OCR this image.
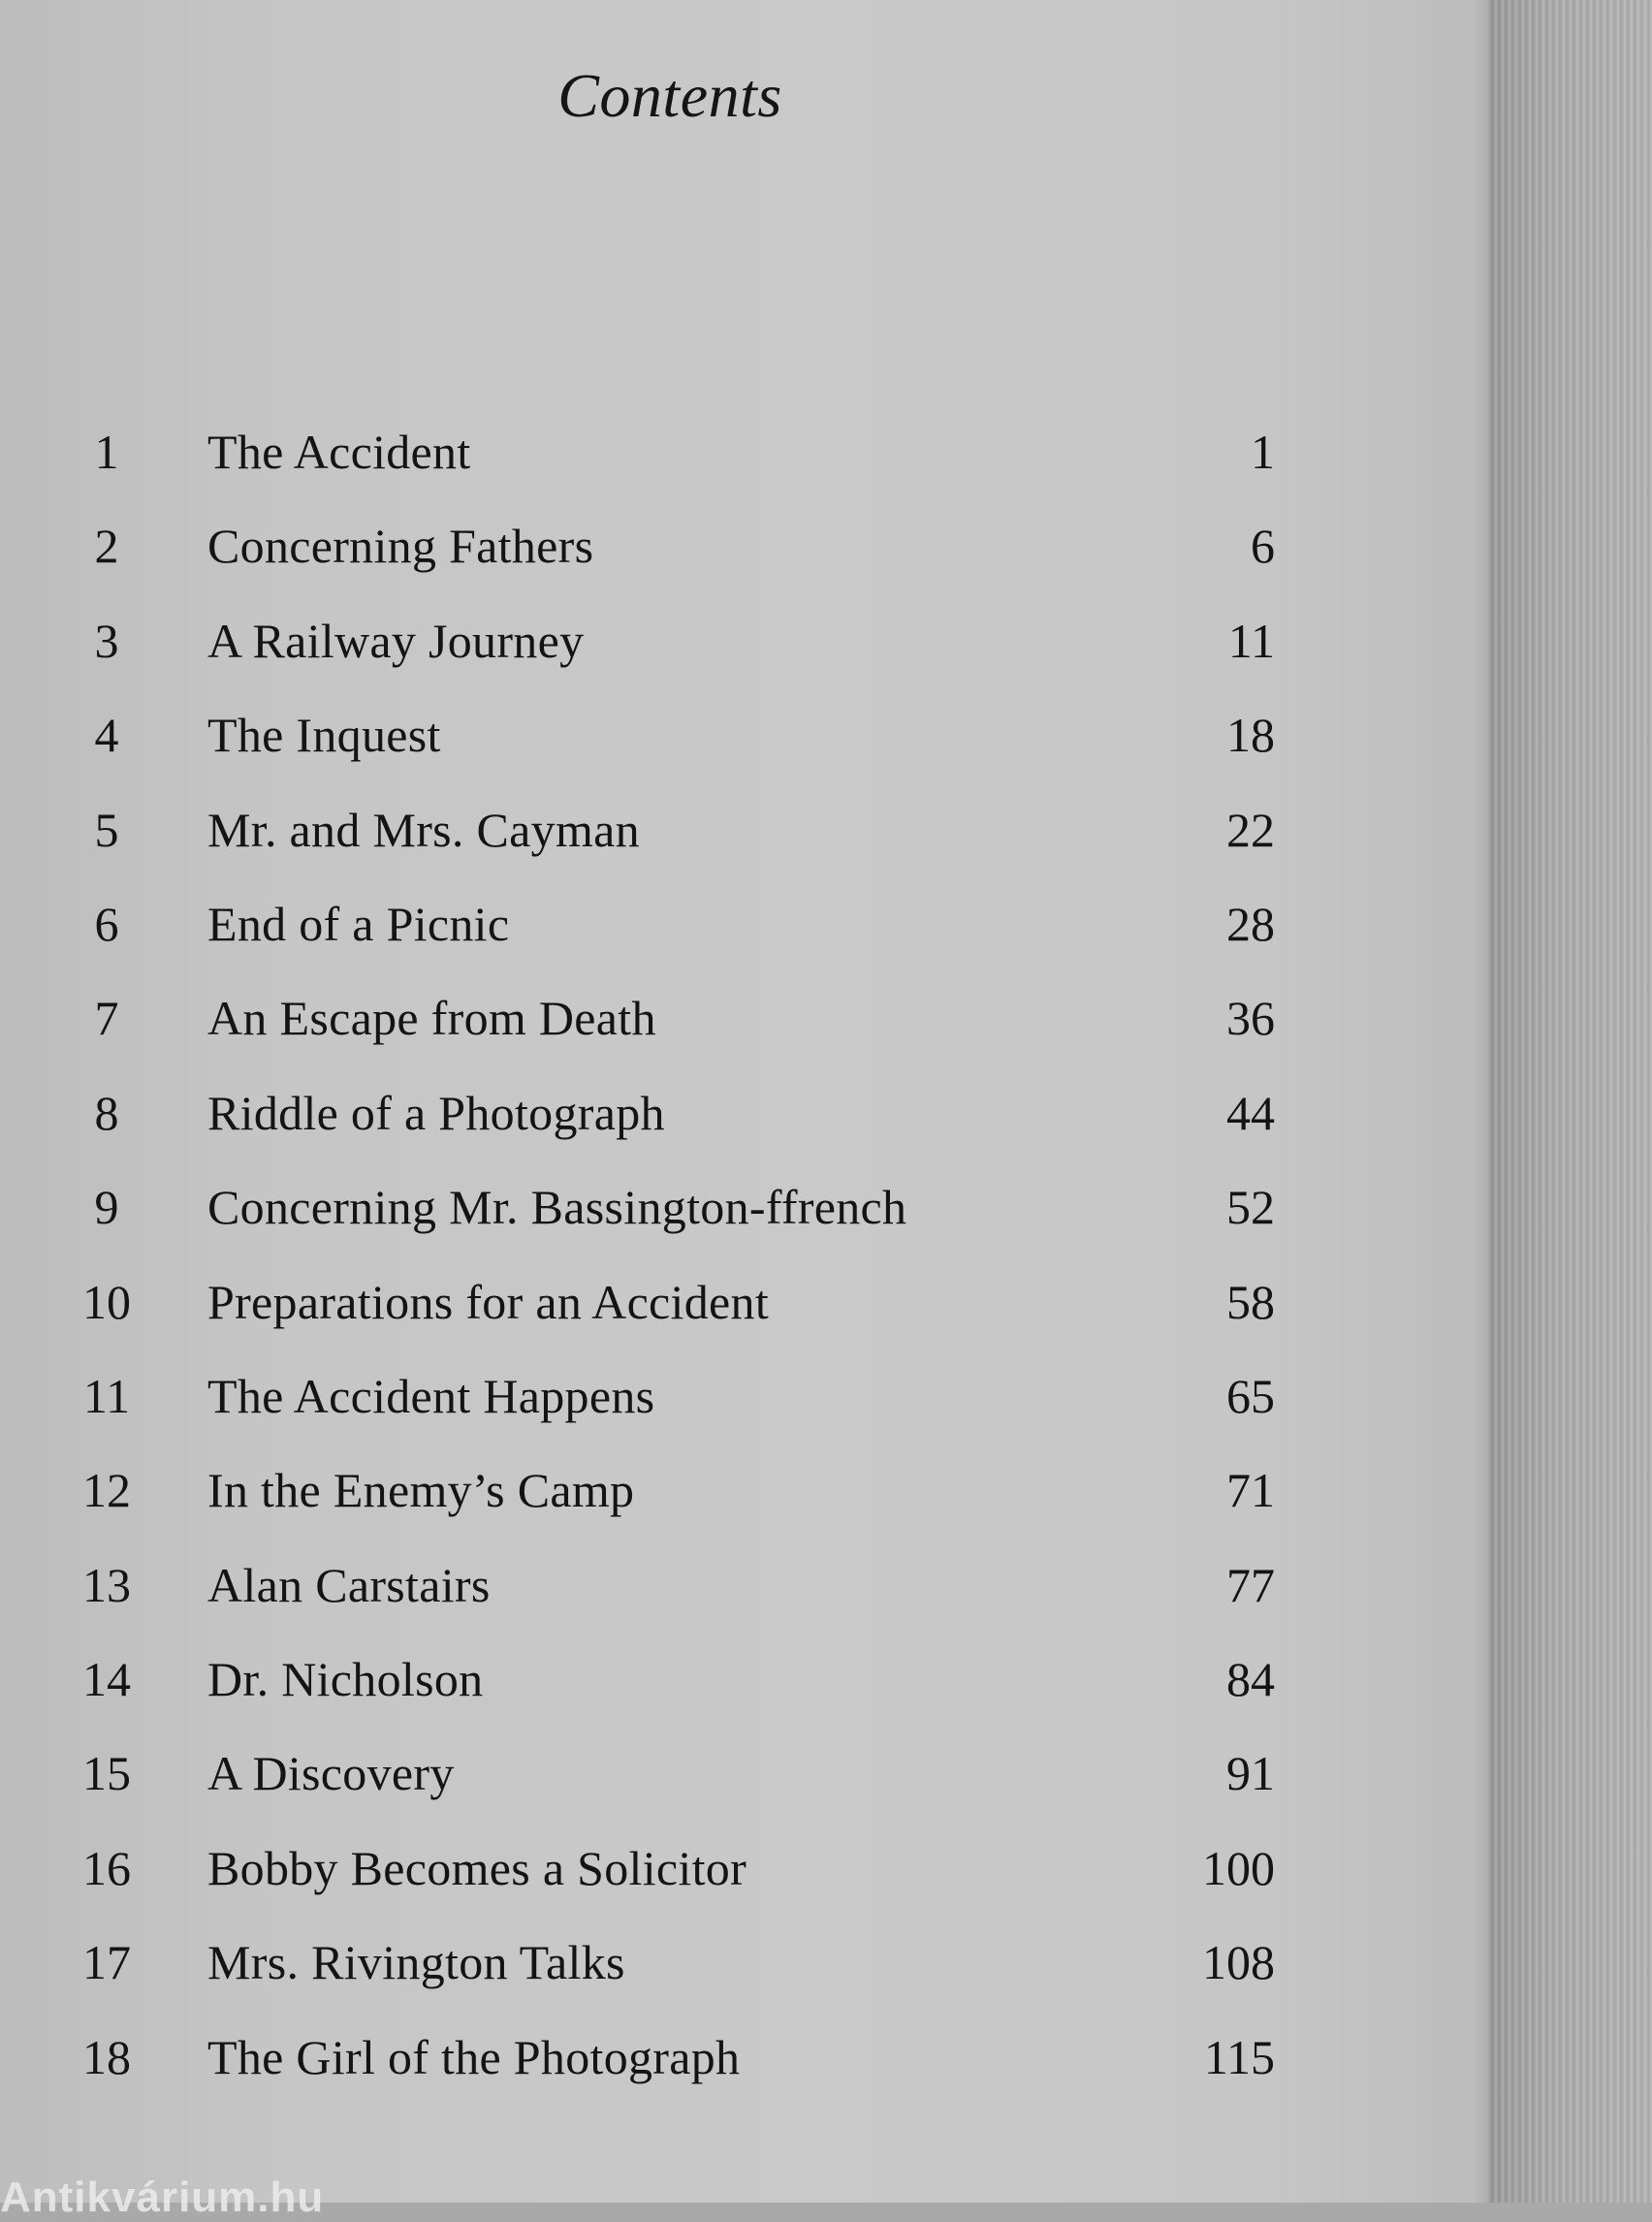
Contents
1	The Accident	1
2	Concerning Fathers	6
3	A Railway Journey	11
4	The Inquest	18
5	Mr. and Mrs. Cayman	22
6	End of a Picnic	28
7	An Escape from Death	36
8	Riddle of a Photograph	44
9	Concerning Mr. Bassington-ffrench	52
10	Preparations for an Accident	58
11	The Accident Happens	65
12	In the Enemy’s Camp	71
13	Alan Carstairs	77
14	Dr. Nicholson	84
15	A Discovery	91
16	Bobby Becomes a Solicitor	100
17	Mrs. Rivington Talks	108
18	The Girl of the Photograph	115
Antikvárium.hu
